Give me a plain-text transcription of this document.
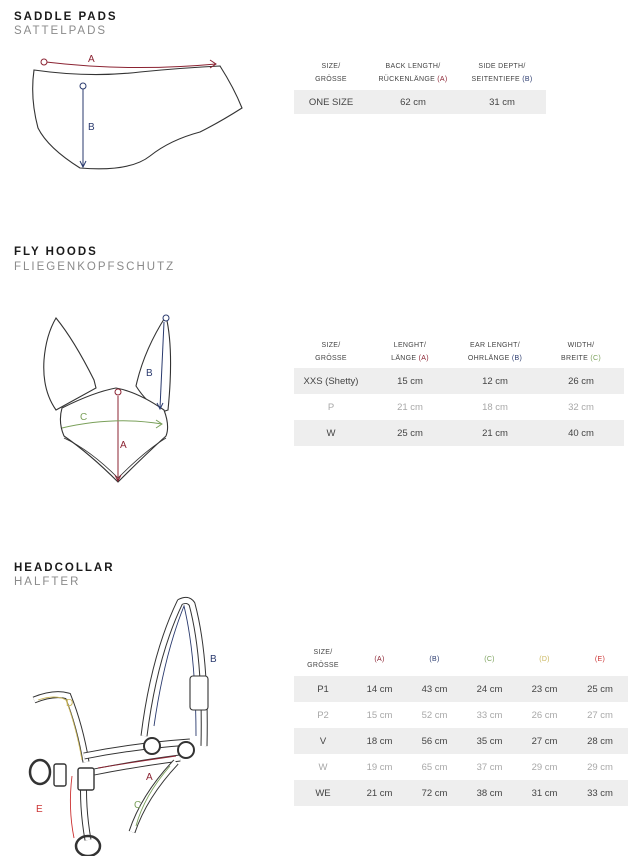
SADDLE PADS
SATTELPADS
A
B
SIZE/
GRÖSSE	BACK LENGTH/
RÜCKENLÄNGE (A)	SIDE DEPTH/
SEITENTIEFE (B)
ONE SIZE	62 cm	31 cm
FLY HOODS
FLIEGENKOPFSCHUTZ
B
A
C
SIZE/
GRÖSSE	LENGHT/
LÄNGE (A)	EAR LENGHT/
OHRLÄNGE (B)	WIDTH/
BREITE (C)
XXS (Shetty)	15 cm	12 cm	26 cm
P	21 cm	18 cm	32 cm
W	25 cm	21 cm	40 cm
HEADCOLLAR
HALFTER
B
D
A
C
E
SIZE/
GRÖSSE	(A)	(B)	(C)	(D)	(E)
P1	14 cm	43 cm	24 cm	23 cm	25 cm
P2	15 cm	52 cm	33 cm	26 cm	27 cm
V	18 cm	56 cm	35 cm	27 cm	28 cm
W	19 cm	65 cm	37 cm	29 cm	29 cm
WE	21 cm	72 cm	38 cm	31 cm	33 cm
